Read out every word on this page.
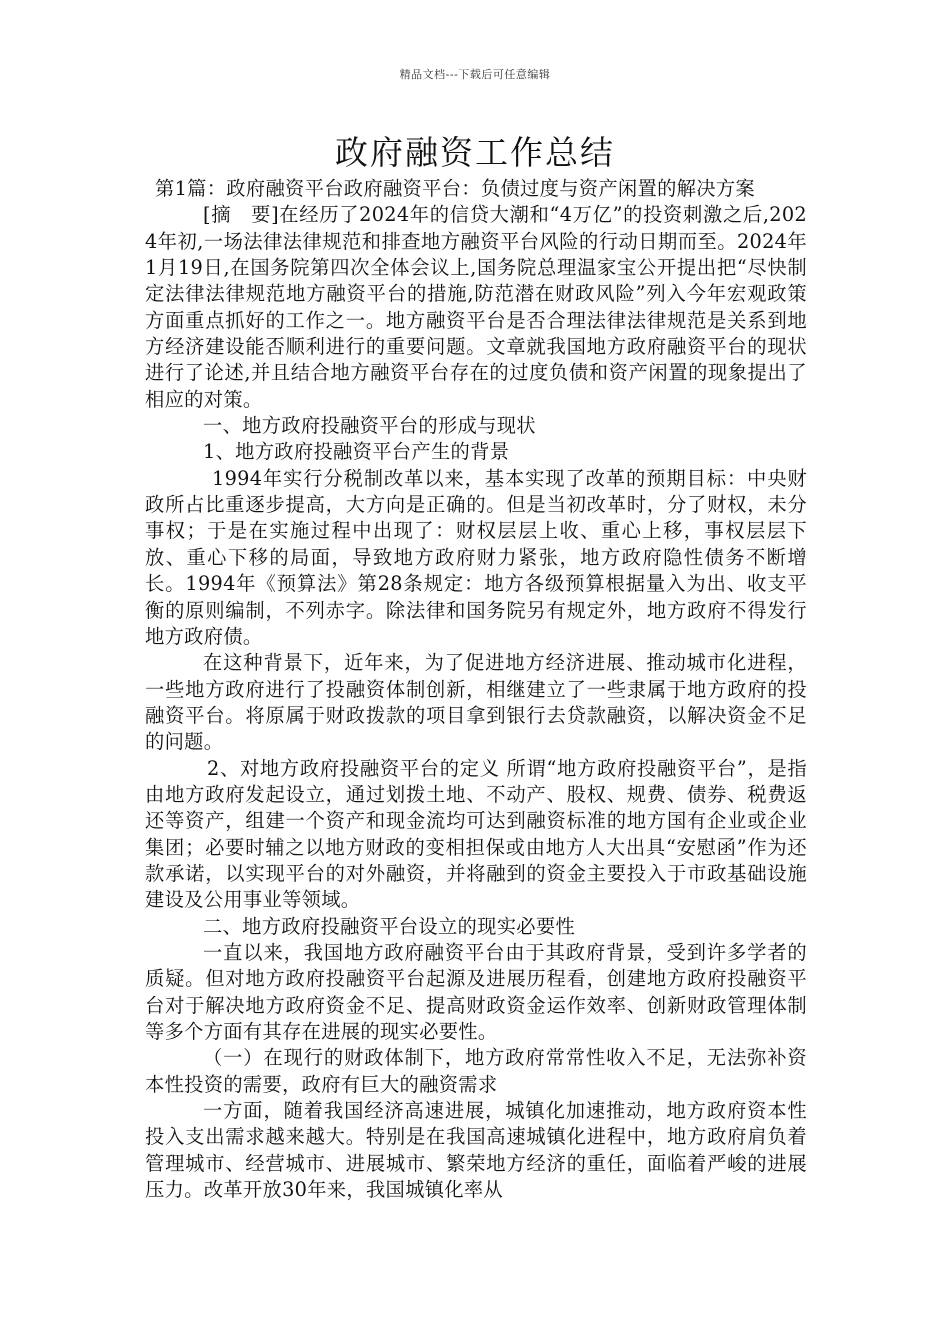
精品文档---下载后可任意编辑
政府融资工作总结

第1篇：政府融资平台政府融资平台：负债过度与资产闲置的解决方案

[摘　要]在经历了2024年的信贷大潮和“4万亿”的投资刺激之后,2024年初,一场法律法律规范和排查地方融资平台风险的行动日期而至。2024年1月19日,在国务院第四次全体会议上,国务院总理温家宝公开提出把“尽快制定法律法律规范地方融资平台的措施,防范潜在财政风险”列入今年宏观政策方面重点抓好的工作之一。地方融资平台是否合理法律法律规范是关系到地方经济建设能否顺利进行的重要问题。文章就我国地方政府融资平台的现状进行了论述,并且结合地方融资平台存在的过度负债和资产闲置的现象提出了相应的对策。

一、地方政府投融资平台的形成与现状

1、地方政府投融资平台产生的背景

1994年实行分税制改革以来，基本实现了改革的预期目标：中央财政所占比重逐步提高，大方向是正确的。但是当初改革时，分了财权，未分事权；于是在实施过程中出现了：财权层层上收、重心上移，事权层层下放、重心下移的局面，导致地方政府财力紧张，地方政府隐性债务不断增长。1994年《预算法》第28条规定：地方各级预算根据量入为出、收支平衡的原则编制，不列赤字。除法律和国务院另有规定外，地方政府不得发行地方政府债。

在这种背景下，近年来，为了促进地方经济进展、推动城市化进程，一些地方政府进行了投融资体制创新，相继建立了一些隶属于地方政府的投融资平台。将原属于财政拨款的项目拿到银行去贷款融资，以解决资金不足的问题。

2、对地方政府投融资平台的定义 所谓“地方政府投融资平台”，是指由地方政府发起设立，通过划拨土地、不动产、股权、规费、债券、税费返还等资产，组建一个资产和现金流均可达到融资标准的地方国有企业或企业集团；必要时辅之以地方财政的变相担保或由地方人大出具“安慰函”作为还款承诺，以实现平台的对外融资，并将融到的资金主要投入于市政基础设施建设及公用事业等领域。

二、地方政府投融资平台设立的现实必要性

一直以来，我国地方政府融资平台由于其政府背景，受到许多学者的质疑。但对地方政府投融资平台起源及进展历程看，创建地方政府投融资平台对于解决地方政府资金不足、提高财政资金运作效率、创新财政管理体制等多个方面有其存在进展的现实必要性。

（一）在现行的财政体制下，地方政府常常性收入不足，无法弥补资本性投资的需要，政府有巨大的融资需求

一方面，随着我国经济高速进展，城镇化加速推动，地方政府资本性投入支出需求越来越大。特别是在我国高速城镇化进程中，地方政府肩负着管理城市、经营城市、进展城市、繁荣地方经济的重任，面临着严峻的进展压力。改革开放30年来，我国城镇化率从
